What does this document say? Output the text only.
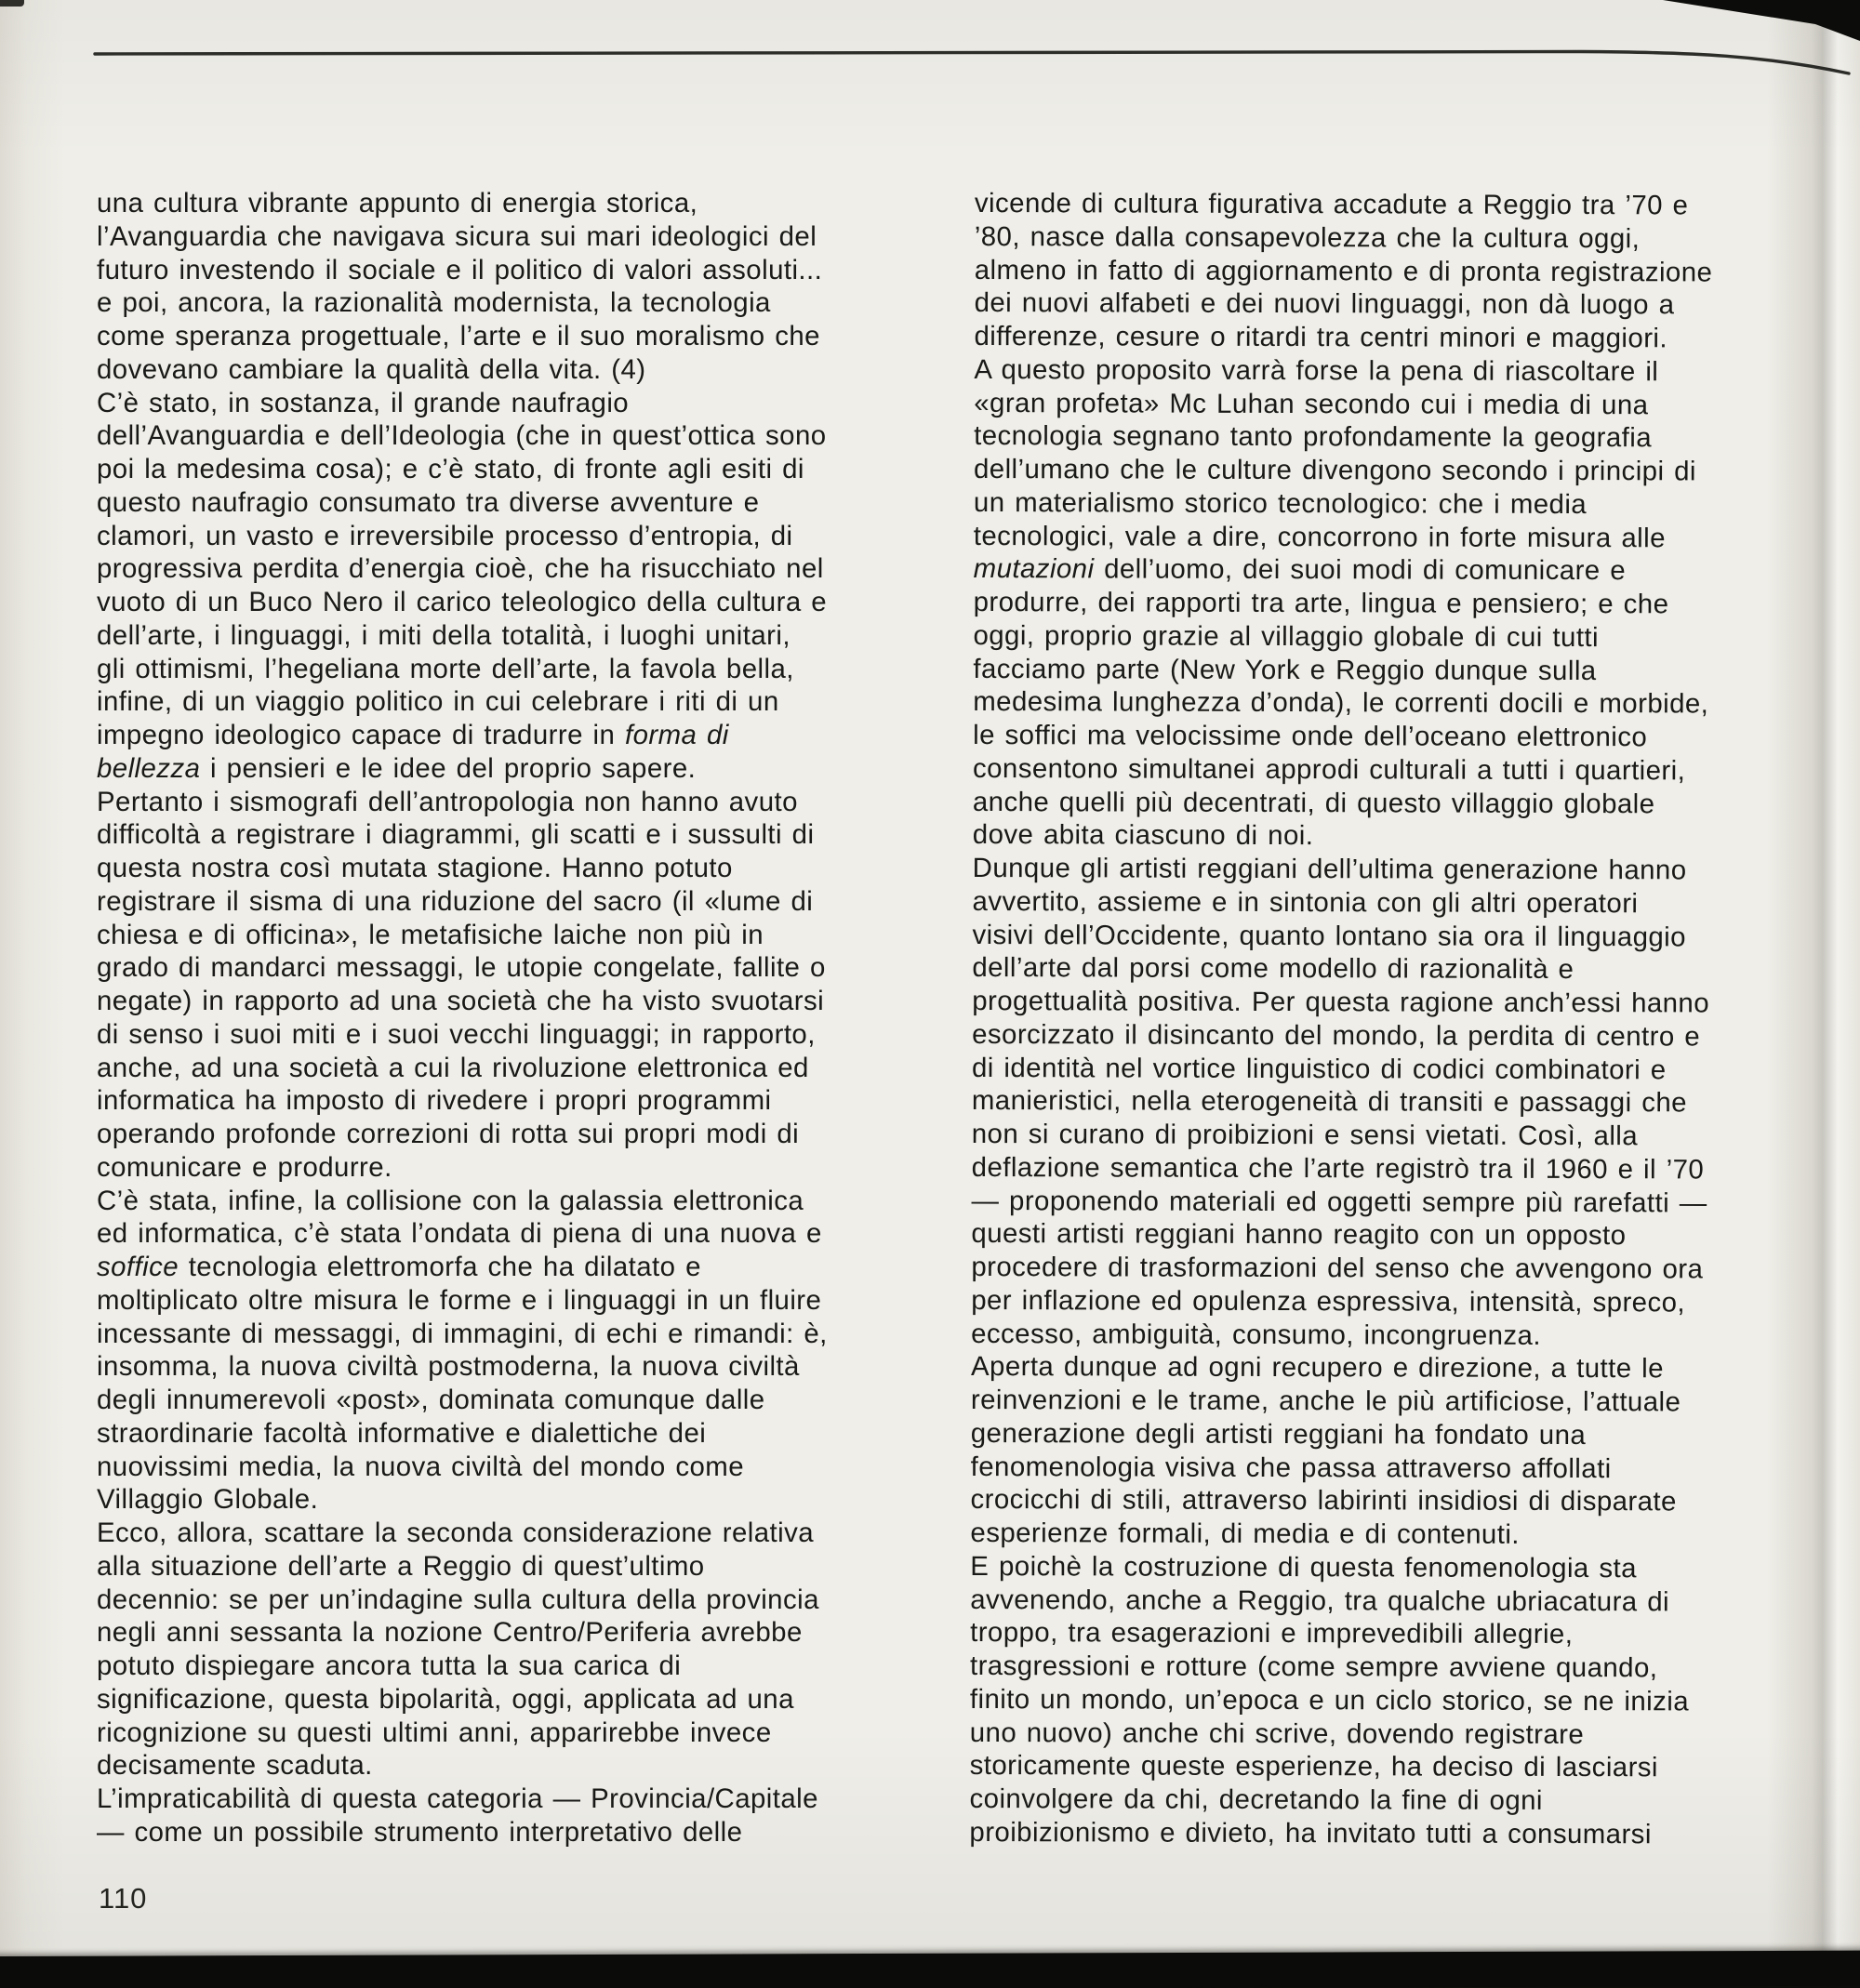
una cultura vibrante appunto di energia storica,
l’Avanguardia che navigava sicura sui mari ideologici del
futuro investendo il sociale e il politico di valori assoluti...
e poi, ancora, la razionalità modernista, la tecnologia
come speranza progettuale, l’arte e il suo moralismo che
dovevano cambiare la qualità della vita. (4)
C’è stato, in sostanza, il grande naufragio
dell’Avanguardia e dell’Ideologia (che in quest’ottica sono
poi la medesima cosa); e c’è stato, di fronte agli esiti di
questo naufragio consumato tra diverse avventure e
clamori, un vasto e irreversibile processo d’entropia, di
progressiva perdita d’energia cioè, che ha risucchiato nel
vuoto di un Buco Nero il carico teleologico della cultura e
dell’arte, i linguaggi, i miti della totalità, i luoghi unitari,
gli ottimismi, l’hegeliana morte dell’arte, la favola bella,
infine, di un viaggio politico in cui celebrare i riti di un
impegno ideologico capace di tradurre in forma di
bellezza i pensieri e le idee del proprio sapere.
Pertanto i sismografi dell’antropologia non hanno avuto
difficoltà a registrare i diagrammi, gli scatti e i sussulti di
questa nostra così mutata stagione. Hanno potuto
registrare il sisma di una riduzione del sacro (il «lume di
chiesa e di officina», le metafisiche laiche non più in
grado di mandarci messaggi, le utopie congelate, fallite o
negate) in rapporto ad una società che ha visto svuotarsi
di senso i suoi miti e i suoi vecchi linguaggi; in rapporto,
anche, ad una società a cui la rivoluzione elettronica ed
informatica ha imposto di rivedere i propri programmi
operando profonde correzioni di rotta sui propri modi di
comunicare e produrre.
C’è stata, infine, la collisione con la galassia elettronica
ed informatica, c’è stata l’ondata di piena di una nuova e
soffice tecnologia elettromorfa che ha dilatato e
moltiplicato oltre misura le forme e i linguaggi in un fluire
incessante di messaggi, di immagini, di echi e rimandi: è,
insomma, la nuova civiltà postmoderna, la nuova civiltà
degli innumerevoli «post», dominata comunque dalle
straordinarie facoltà informative e dialettiche dei
nuovissimi media, la nuova civiltà del mondo come
Villaggio Globale.
Ecco, allora, scattare la seconda considerazione relativa
alla situazione dell’arte a Reggio di quest’ultimo
decennio: se per un’indagine sulla cultura della provincia
negli anni sessanta la nozione Centro/Periferia avrebbe
potuto dispiegare ancora tutta la sua carica di
significazione, questa bipolarità, oggi, applicata ad una
ricognizione su questi ultimi anni, apparirebbe invece
decisamente scaduta.
L’impraticabilità di questa categoria — Provincia/Capitale
— come un possibile strumento interpretativo delle
vicende di cultura figurativa accadute a Reggio tra ’70 e
’80, nasce dalla consapevolezza che la cultura oggi,
almeno in fatto di aggiornamento e di pronta registrazione
dei nuovi alfabeti e dei nuovi linguaggi, non dà luogo a
differenze, cesure o ritardi tra centri minori e maggiori.
A questo proposito varrà forse la pena di riascoltare il
«gran profeta» Mc Luhan secondo cui i media di una
tecnologia segnano tanto profondamente la geografia
dell’umano che le culture divengono secondo i principi di
un materialismo storico tecnologico: che i media
tecnologici, vale a dire, concorrono in forte misura alle
mutazioni dell’uomo, dei suoi modi di comunicare e
produrre, dei rapporti tra arte, lingua e pensiero; e che
oggi, proprio grazie al villaggio globale di cui tutti
facciamo parte (New York e Reggio dunque sulla
medesima lunghezza d’onda), le correnti docili e morbide,
le soffici ma velocissime onde dell’oceano elettronico
consentono simultanei approdi culturali a tutti i quartieri,
anche quelli più decentrati, di questo villaggio globale
dove abita ciascuno di noi.
Dunque gli artisti reggiani dell’ultima generazione hanno
avvertito, assieme e in sintonia con gli altri operatori
visivi dell’Occidente, quanto lontano sia ora il linguaggio
dell’arte dal porsi come modello di razionalità e
progettualità positiva. Per questa ragione anch’essi hanno
esorcizzato il disincanto del mondo, la perdita di centro e
di identità nel vortice linguistico di codici combinatori e
manieristici, nella eterogeneità di transiti e passaggi che
non si curano di proibizioni e sensi vietati. Così, alla
deflazione semantica che l’arte registrò tra il 1960 e il ’70
— proponendo materiali ed oggetti sempre più rarefatti —
questi artisti reggiani hanno reagito con un opposto
procedere di trasformazioni del senso che avvengono ora
per inflazione ed opulenza espressiva, intensità, spreco,
eccesso, ambiguità, consumo, incongruenza.
Aperta dunque ad ogni recupero e direzione, a tutte le
reinvenzioni e le trame, anche le più artificiose, l’attuale
generazione degli artisti reggiani ha fondato una
fenomenologia visiva che passa attraverso affollati
crocicchi di stili, attraverso labirinti insidiosi di disparate
esperienze formali, di media e di contenuti.
E poichè la costruzione di questa fenomenologia sta
avvenendo, anche a Reggio, tra qualche ubriacatura di
troppo, tra esagerazioni e imprevedibili allegrie,
trasgressioni e rotture (come sempre avviene quando,
finito un mondo, un’epoca e un ciclo storico, se ne inizia
uno nuovo) anche chi scrive, dovendo registrare
storicamente queste esperienze, ha deciso di lasciarsi
coinvolgere da chi, decretando la fine di ogni
proibizionismo e divieto, ha invitato tutti a consumarsi
110
